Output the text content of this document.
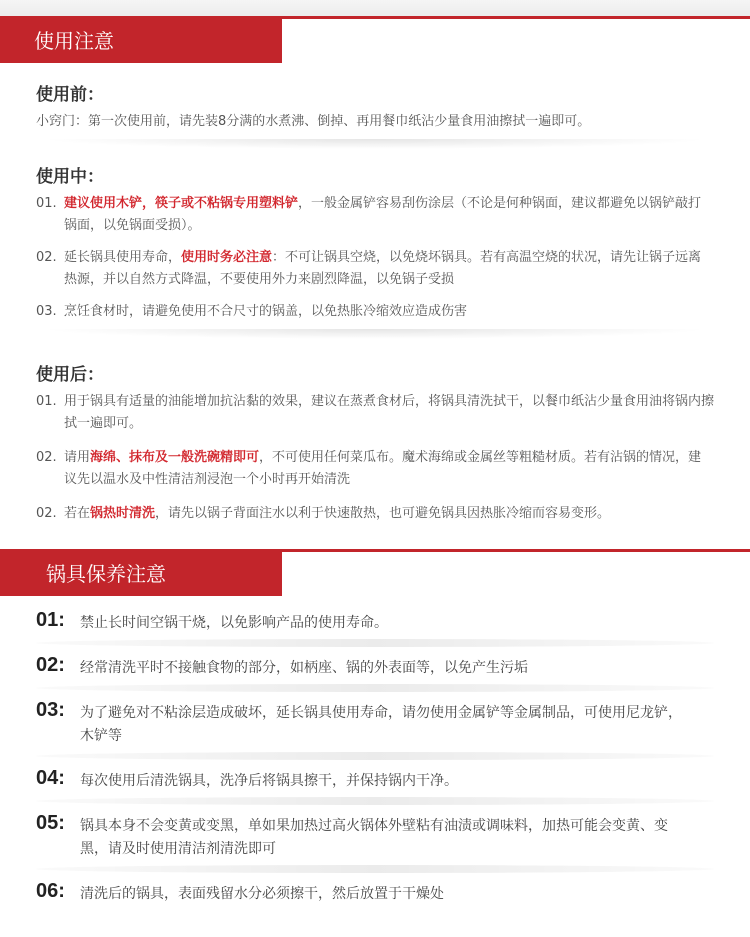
使用注意
使用前：
小窍门：第一次使用前，请先装8分满的水煮沸、倒掉、再用餐巾纸沾少量食用油擦拭一遍即可。
使用中：
01. 建议使用木铲，筷子或不粘锅专用塑料铲，一般金属铲容易刮伤涂层（不论是何种锅面，建议都避免以锅铲敲打锅面，以免锅面受损）。
02. 延长锅具使用寿命，使用时务必注意：不可让锅具空烧，以免烧坏锅具。若有高温空烧的状况，请先让锅子远离热源，并以自然方式降温，不要使用外力来剧烈降温，以免锅子受损
03. 烹饪食材时，请避免使用不合尺寸的锅盖，以免热胀冷缩效应造成伤害
使用后：
01. 用于锅具有适量的油能增加抗沾黏的效果，建议在蒸煮食材后，将锅具清洗拭干，以餐巾纸沾少量食用油将锅内擦拭一遍即可。
02. 请用海绵、抹布及一般洗碗精即可，不可使用任何菜瓜布。魔术海绵或金属丝等粗糙材质。若有沾锅的情况，建议先以温水及中性清洁剂浸泡一个小时再开始清洗
02. 若在锅热时清洗，请先以锅子背面注水以利于快速散热，也可避免锅具因热胀冷缩而容易变形。
锅具保养注意
01: 禁止长时间空锅干烧，以免影响产品的使用寿命。
02: 经常清洗平时不接触食物的部分，如柄座、锅的外表面等，以免产生污垢
03: 为了避免对不粘涂层造成破坏，延长锅具使用寿命，请勿使用金属铲等金属制品，可使用尼龙铲，木铲等
04: 每次使用后清洗锅具，洗净后将锅具擦干，并保持锅内干净。
05: 锅具本身不会变黄或变黑，单如果加热过高火锅体外壁粘有油渍或调味料，加热可能会变黄、变黑，请及时使用清洁剂清洗即可
06: 清洗后的锅具，表面残留水分必须擦干，然后放置于干燥处
